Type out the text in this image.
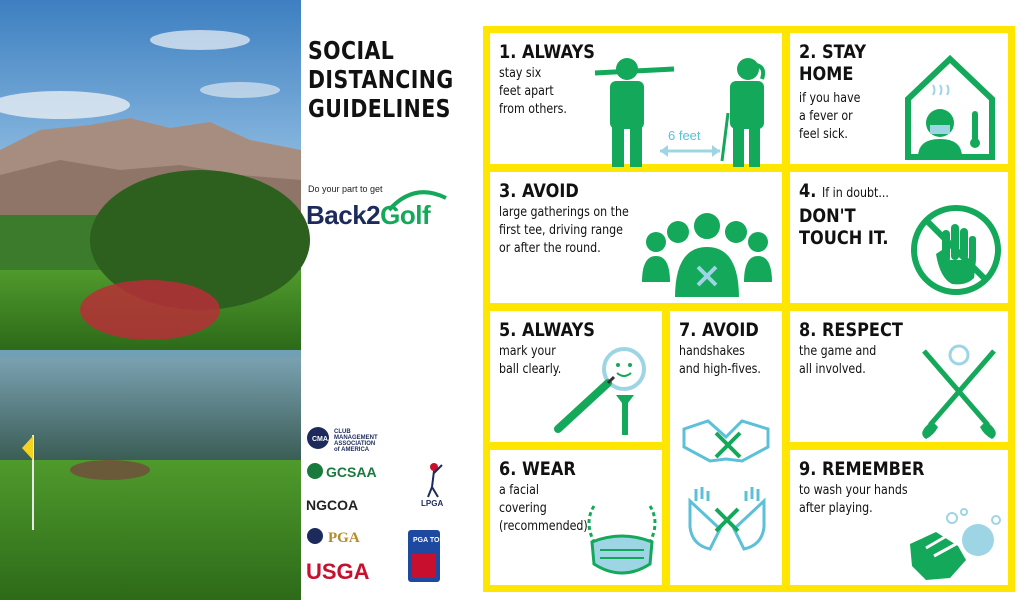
SOCIAL
DISTANCING
GUIDELINES
Do your part to get
Back2Golf
CMAA
CLUB
MANAGEMENT
ASSOCIATION
of AMERICA
GCSAA
NGCOA
PGA
USGA
LPGA
PGA TOUR
1. ALWAYS
stay six
feet apart
from others.
6 feet
2. STAY
HOME
if you have
a fever or
feel sick.
3. AVOID
large gatherings on the
first tee, driving range
or after the round.
4. If in doubt...
DON'T
TOUCH IT.
5. ALWAYS
mark your
ball clearly.
6. WEAR
a facial
covering
(recommended)
7. AVOID
handshakes
and high-fives.
8. RESPECT
the game and
all involved.
9. REMEMBER
to wash your hands
after playing.
